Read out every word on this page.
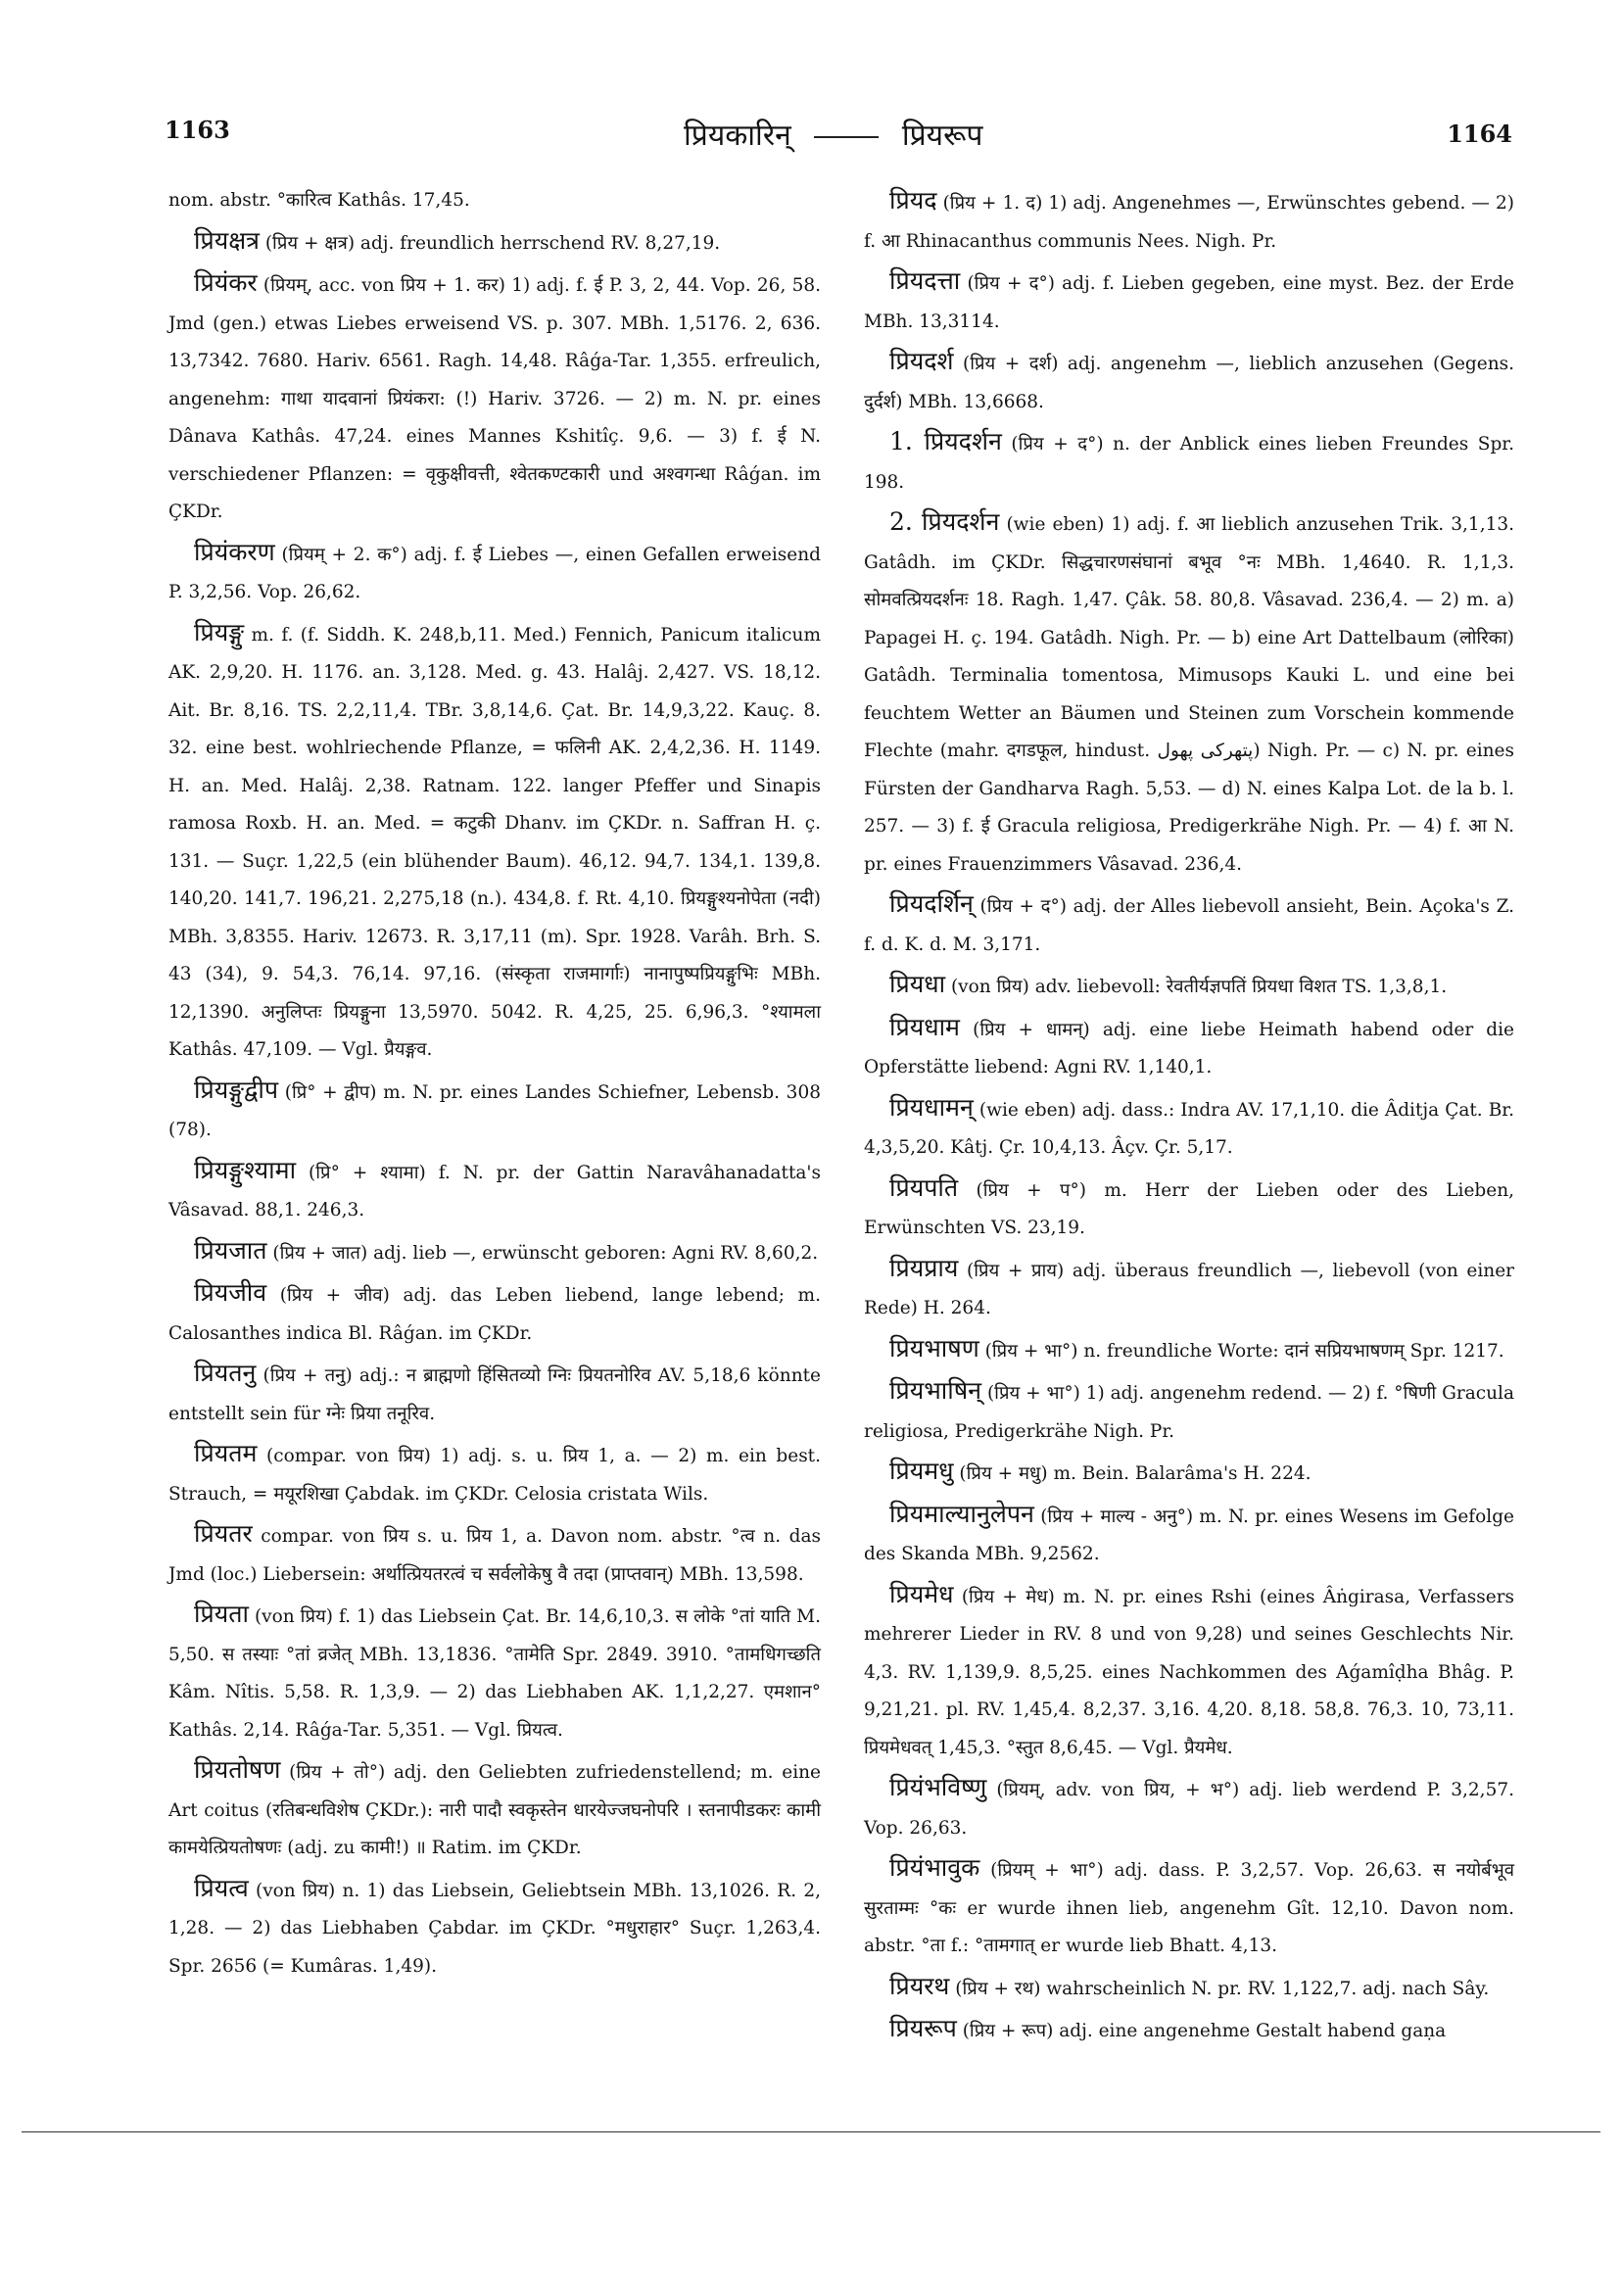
1163	प्रियकारिन्	प्रियरूप	1164

nom. abstr. °कारित्व Kathâs. 17,45.

प्रियक्षत्र (प्रिय + क्षत्र) adj. freundlich herrschend RV. 8,27,19.

प्रियंकर (प्रियम्, acc. von प्रिय + 1. कर) 1) adj. f. ई P. 3, 2, 44. Vop. 26, 58. Jmd (gen.) etwas Liebes erweisend VS. p. 307. MBh. 1,5176. 2, 636. 13,7342. 7680. Hariv. 6561. Ragh. 14,48. Râǵa-Tar. 1,355. erfreulich, angenehm: गाथा यादवानां प्रियंकरा: (!) Hariv. 3726. — 2) m. N. pr. eines Dânava Kathâs. 47,24. eines Mannes Kshitîç. 9,6. — 3) f. ई N. verschiedener Pflanzen: = वृकुक्षीवत्ती, श्वेतकण्टकारी und अश्वगन्धा Râǵan. im ÇKDr.

प्रियंकरण (प्रियम् + 2. क°) adj. f. ई Liebes —, einen Gefallen erweisend P. 3,2,56. Vop. 26,62.

प्रियङ्गु m. f. (f. Siddh. K. 248,b,11. Med.) Fennich, Panicum italicum AK. 2,9,20. H. 1176. an. 3,128. Med. g. 43. Halâj. 2,427. VS. 18,12. Ait. Br. 8,16. TS. 2,2,11,4. TBr. 3,8,14,6. Çat. Br. 14,9,3,22. Kauç. 8. 32. eine best. wohlriechende Pflanze, = फलिनी AK. 2,4,2,36. H. 1149. H. an. Med. Halâj. 2,38. Ratnam. 122. langer Pfeffer und Sinapis ramosa Roxb. H. an. Med. = कटुकी Dhanv. im ÇKDr. n. Saffran H. ç. 131. — Suçr. 1,22,5 (ein blühender Baum). 46,12. 94,7. 134,1. 139,8. 140,20. 141,7. 196,21. 2,275,18 (n.). 434,8. f. Rt. 4,10. प्रियङ्गुश्यनोपेता (नदी) MBh. 3,8355. Hariv. 12673. R. 3,17,11 (m). Spr. 1928. Varâh. Brh. S. 43 (34), 9. 54,3. 76,14. 97,16. (संस्कृता राजमार्गाः) नानापुष्पप्रियङ्गुभिः MBh. 12,1390. अनुलिप्तः प्रियङ्गुना 13,5970. 5042. R. 4,25, 25. 6,96,3. °श्यामला Kathâs. 47,109. — Vgl. प्रैयङ्गव.

प्रियङ्गुद्वीप (प्रि° + द्वीप) m. N. pr. eines Landes Schiefner, Lebensb. 308 (78).

प्रियङ्गुश्यामा (प्रि° + श्यामा) f. N. pr. der Gattin Naravâhanadatta's Vâsavad. 88,1. 246,3.

प्रियजात (प्रिय + जात) adj. lieb —, erwünscht geboren: Agni RV. 8,60,2.

प्रियजीव (प्रिय + जीव) adj. das Leben liebend, lange lebend; m. Calosanthes indica Bl. Râǵan. im ÇKDr.

प्रियतनु (प्रिय + तनु) adj.: न ब्राह्मणो हिंसितव्यो ग्निः प्रियतनोरिव AV. 5,18,6 könnte entstellt sein für ग्नेः प्रिया तनूरिव.

प्रियतम (compar. von प्रिय) 1) adj. s. u. प्रिय 1, a. — 2) m. ein best. Strauch, = मयूरशिखा Çabdak. im ÇKDr. Celosia cristata Wils.

प्रियतर compar. von प्रिय s. u. प्रिय 1, a. Davon nom. abstr. °त्व n. das Jmd (loc.) Liebersein: अर्थात्प्रियतरत्वं च सर्वलोकेषु वै तदा (प्राप्तवान्) MBh. 13,598.

प्रियता (von प्रिय) f. 1) das Liebsein Çat. Br. 14,6,10,3. स लोके °तां याति M. 5,50. स तस्याः °तां व्रजेत् MBh. 13,1836. °तामेति Spr. 2849. 3910. °तामधिगच्छति Kâm. Nîtis. 5,58. R. 1,3,9. — 2) das Liebhaben AK. 1,1,2,27. एमशान° Kathâs. 2,14. Râǵa-Tar. 5,351. — Vgl. प्रियत्व.

प्रियतोषण (प्रिय + तो°) adj. den Geliebten zufriedenstellend; m. eine Art coitus (रतिबन्धविशेष ÇKDr.): नारी पादौ स्वकृस्तेन धारयेज्जघनोपरि । स्तनापीडकरः कामी कामयेत्प्रियतोषणः (adj. zu कामी!) ॥ Ratim. im ÇKDr.

प्रियत्व (von प्रिय) n. 1) das Liebsein, Geliebtsein MBh. 13,1026. R. 2, 1,28. — 2) das Liebhaben Çabdar. im ÇKDr. °मधुराहार° Suçr. 1,263,4. Spr. 2656 (= Kumâras. 1,49).

प्रियद (प्रिय + 1. द) 1) adj. Angenehmes —, Erwünschtes gebend. — 2) f. आ Rhinacanthus communis Nees. Nigh. Pr.

प्रियदत्ता (प्रिय + द°) adj. f. Lieben gegeben, eine myst. Bez. der Erde MBh. 13,3114.

प्रियदर्श (प्रिय + दर्श) adj. angenehm —, lieblich anzusehen (Gegens. दुर्दर्श) MBh. 13,6668.

1. प्रियदर्शन (प्रिय + द°) n. der Anblick eines lieben Freundes Spr. 198.

2. प्रियदर्शन (wie eben) 1) adj. f. आ lieblich anzusehen Trik. 3,1,13. Gatâdh. im ÇKDr. सिद्धचारणसंघानां बभूव °नः MBh. 1,4640. R. 1,1,3. सोमवत्प्रियदर्शनः 18. Ragh. 1,47. Çâk. 58. 80,8. Vâsavad. 236,4. — 2) m. a) Papagei H. ç. 194. Gatâdh. Nigh. Pr. — b) eine Art Dattelbaum (लोरिका) Gatâdh. Terminalia tomentosa, Mimusops Kauki L. und eine bei feuchtem Wetter an Bäumen und Steinen zum Vorschein kommende Flechte (mahr. दगडफूल, hindust. پتهرکی پهول) Nigh. Pr. — c) N. pr. eines Fürsten der Gandharva Ragh. 5,53. — d) N. eines Kalpa Lot. de la b. l. 257. — 3) f. ई Gracula religiosa, Predigerkrähe Nigh. Pr. — 4) f. आ N. pr. eines Frauenzimmers Vâsavad. 236,4.

प्रियदर्शिन् (प्रिय + द°) adj. der Alles liebevoll ansieht, Bein. Açoka's Z. f. d. K. d. M. 3,171.

प्रियधा (von प्रिय) adv. liebevoll: रेवतीर्यज्ञपतिं प्रियधा विशत TS. 1,3,8,1.

प्रियधाम (प्रिय + धामन्) adj. eine liebe Heimath habend oder die Opferstätte liebend: Agni RV. 1,140,1.

प्रियधामन् (wie eben) adj. dass.: Indra AV. 17,1,10. die Âditja Çat. Br. 4,3,5,20. Kâtj. Çr. 10,4,13. Âçv. Çr. 5,17.

प्रियपति (प्रिय + प°) m. Herr der Lieben oder des Lieben, Erwünschten VS. 23,19.

प्रियप्राय (प्रिय + प्राय) adj. überaus freundlich —, liebevoll (von einer Rede) H. 264.

प्रियभाषण (प्रिय + भा°) n. freundliche Worte: दानं सप्रियभाषणम् Spr. 1217.

प्रियभाषिन् (प्रिय + भा°) 1) adj. angenehm redend. — 2) f. °षिणी Gracula religiosa, Predigerkrähe Nigh. Pr.

प्रियमधु (प्रिय + मधु) m. Bein. Balarâma's H. 224.

प्रियमाल्यानुलेपन (प्रिय + माल्य - अनु°) m. N. pr. eines Wesens im Gefolge des Skanda MBh. 9,2562.

प्रियमेध (प्रिय + मेध) m. N. pr. eines Rshi (eines Âṅgirasa, Verfassers mehrerer Lieder in RV. 8 und von 9,28) und seines Geschlechts Nir. 4,3. RV. 1,139,9. 8,5,25. eines Nachkommen des Aǵamîḍha Bhâg. P. 9,21,21. pl. RV. 1,45,4. 8,2,37. 3,16. 4,20. 8,18. 58,8. 76,3. 10, 73,11. प्रियमेधवत् 1,45,3. °स्तुत 8,6,45. — Vgl. प्रैयमेध.

प्रियंभविष्णु (प्रियम्, adv. von प्रिय, + भ°) adj. lieb werdend P. 3,2,57. Vop. 26,63.

प्रियंभावुक (प्रियम् + भा°) adj. dass. P. 3,2,57. Vop. 26,63. स नयोर्बभूव सुरताम्मः °कः er wurde ihnen lieb, angenehm Gît. 12,10. Davon nom. abstr. °ता f.: °तामगात् er wurde lieb Bhatt. 4,13.

प्रियरथ (प्रिय + रथ) wahrscheinlich N. pr. RV. 1,122,7. adj. nach Sây.

प्रियरूप (प्रिय + रूप) adj. eine angenehme Gestalt habend gaṇa
